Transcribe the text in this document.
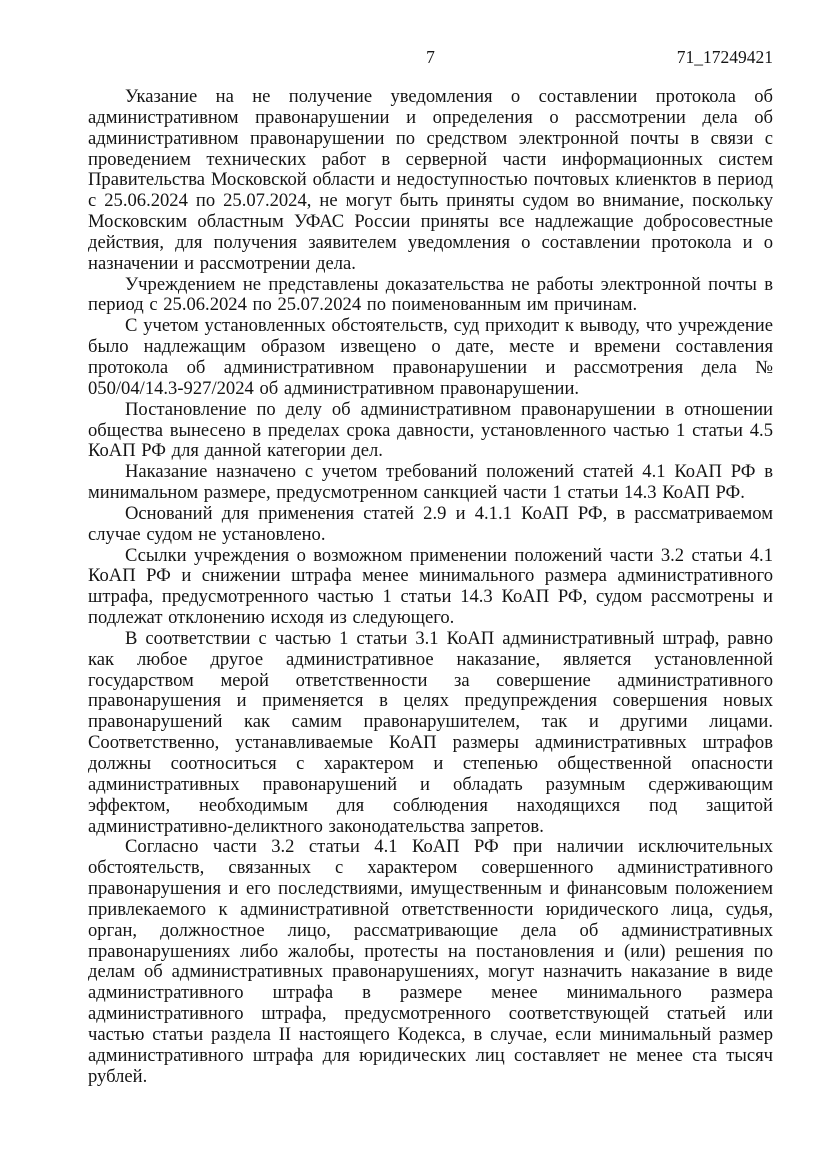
7	71_17249421

Указание на не получение уведомления о составлении протокола об административном правонарушении и определения о рассмотрении дела об административном правонарушении по средством электронной почты в связи с проведением технических работ в серверной части информационных систем Правительства Московской области и недоступностью почтовых клиенктов в период с 25.06.2024 по 25.07.2024, не могут быть приняты судом во внимание, поскольку Московским областным УФАС России приняты все надлежащие добросовестные действия, для получения заявителем уведомления о составлении протокола и о назначении и рассмотрении дела.

Учреждением не представлены доказательства не работы электронной почты в период с 25.06.2024 по 25.07.2024 по поименованным им причинам.

С учетом установленных обстоятельств, суд приходит к выводу, что учреждение было надлежащим образом извещено о дате, месте и времени составления протокола об административном правонарушении и рассмотрения дела № 050/04/14.3-927/2024 об административном правонарушении.

Постановление по делу об административном правонарушении в отношении общества вынесено в пределах срока давности, установленного частью 1 статьи 4.5 КоАП РФ для данной категории дел.

Наказание назначено с учетом требований положений статей 4.1 КоАП РФ в минимальном размере, предусмотренном санкцией части 1 статьи 14.3 КоАП РФ.

Оснований для применения статей 2.9 и 4.1.1 КоАП РФ, в рассматриваемом случае судом не установлено.

Ссылки учреждения о возможном применении положений части 3.2 статьи 4.1 КоАП РФ и снижении штрафа менее минимального размера административного штрафа, предусмотренного частью 1 статьи 14.3 КоАП РФ, судом рассмотрены и подлежат отклонению исходя из следующего.

В соответствии с частью 1 статьи 3.1 КоАП административный штраф, равно как любое другое административное наказание, является установленной государством мерой ответственности за совершение административного правонарушения и применяется в целях предупреждения совершения новых правонарушений как самим правонарушителем, так и другими лицами. Соответственно, устанавливаемые КоАП размеры административных штрафов должны соотноситься с характером и степенью общественной опасности административных правонарушений и обладать разумным сдерживающим эффектом, необходимым для соблюдения находящихся под защитой административно-деликтного законодательства запретов.

Согласно части 3.2 статьи 4.1 КоАП РФ при наличии исключительных обстоятельств, связанных с характером совершенного административного правонарушения и его последствиями, имущественным и финансовым положением привлекаемого к административной ответственности юридического лица, судья, орган, должностное лицо, рассматривающие дела об административных правонарушениях либо жалобы, протесты на постановления и (или) решения по делам об административных правонарушениях, могут назначить наказание в виде административного штрафа в размере менее минимального размера административного штрафа, предусмотренного соответствующей статьей или частью статьи раздела II настоящего Кодекса, в случае, если минимальный размер административного штрафа для юридических лиц составляет не менее ста тысяч рублей.
